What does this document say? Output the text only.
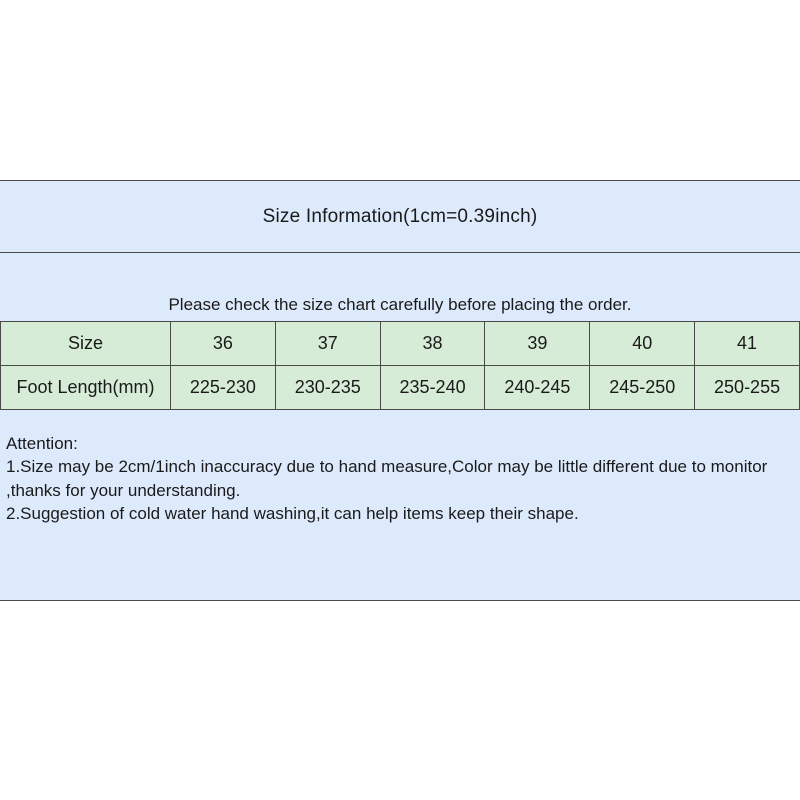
Size Information(1cm=0.39inch)
Please check the size chart carefully before placing the order.
Size	36	37	38	39	40	41
Foot Length(mm)	225-230	230-235	235-240	240-245	245-250	250-255
Attention:
1.Size may be 2cm/1inch inaccuracy due to hand measure,Color may be little different due to monitor ,thanks for your understanding.
2.Suggestion of cold water hand washing,it can help items keep their shape.
